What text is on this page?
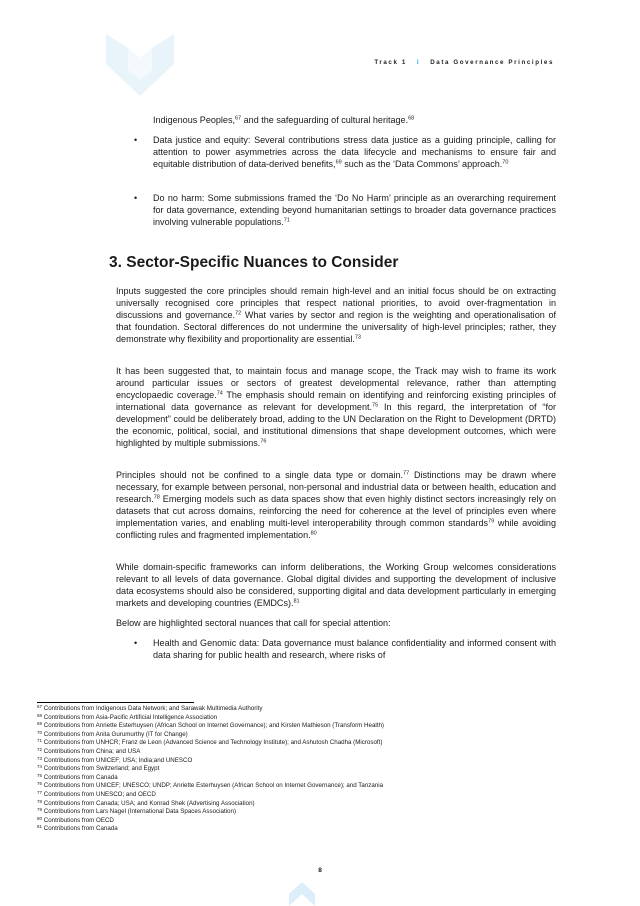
Track 1 I Data Governance Principles

Indigenous Peoples,$^{67}$ and the safeguarding of cultural heritage.$^{68}$

• Data justice and equity: Several contributions stress data justice as a guiding principle, calling for attention to power asymmetries across the data lifecycle and mechanisms to ensure fair and equitable distribution of data-derived benefits,$^{69}$ such as the ‘Data Commons’ approach.$^{70}$

• Do no harm: Some submissions framed the ‘Do No Harm’ principle as an overarching requirement for data governance, extending beyond humanitarian settings to broader data governance practices involving vulnerable populations.$^{71}$

3. Sector-Specific Nuances to Consider

Inputs suggested the core principles should remain high-level and an initial focus should be on extracting universally recognised core principles that respect national priorities, to avoid over-fragmentation in discussions and governance.$^{72}$ What varies by sector and region is the weighting and operationalisation of that foundation. Sectoral differences do not undermine the universality of high-level principles; rather, they demonstrate why flexibility and proportionality are essential.$^{73}$

It has been suggested that, to maintain focus and manage scope, the Track may wish to frame its work around particular issues or sectors of greatest developmental relevance, rather than attempting encyclopaedic coverage.$^{74}$ The emphasis should remain on identifying and reinforcing existing principles of international data governance as relevant for development.$^{75}$ In this regard, the interpretation of “for development” could be deliberately broad, adding to the UN Declaration on the Right to Development (DRTD) the economic, political, social, and institutional dimensions that shape development outcomes, which were highlighted by multiple submissions.$^{76}$

Principles should not be confined to a single data type or domain.$^{77}$ Distinctions may be drawn where necessary, for example between personal, non-personal and industrial data or between health, education and research.$^{78}$ Emerging models such as data spaces show that even highly distinct sectors increasingly rely on datasets that cut across domains, reinforcing the need for coherence at the level of principles even where implementation varies, and enabling multi-level interoperability through common standards$^{79}$ while avoiding conflicting rules and fragmented implementation.$^{80}$

While domain-specific frameworks can inform deliberations, the Working Group welcomes considerations relevant to all levels of data governance. Global digital divides and supporting the development of inclusive data ecosystems should also be considered, supporting digital and data development particularly in emerging markets and developing countries (EMDCs).$^{81}$

Below are highlighted sectoral nuances that call for special attention:

• Health and Genomic data: Data governance must balance confidentiality and informed consent with data sharing for public health and research, where risks of

$^{67}$ Contributions from Indigenous Data Network; and Sarawak Multimedia Authority
$^{68}$ Contributions from Asia-Pacific Artificial Intelligence Association
$^{69}$ Contributions from Anriette Esterhuysen (African School on Internet Governance); and Kirsten Mathieson (Transform Health)
$^{70}$ Contributions from Anita Gurumurthy (IT for Change)
$^{71}$ Contributions from UNHCR; Franz de Leon (Advanced Science and Technology Institute); and Ashutosh Chadha (Microsoft)
$^{72}$ Contributions from China; and USA
$^{73}$ Contributions from UNICEF; USA; India;and UNESCO
$^{74}$ Contributions from Switzerland; and Egypt
$^{75}$ Contributions from Canada
$^{76}$ Contributions from UNICEF; UNESCO; UNDP; Anriette Esterhuysen (African School on Internet Governance); and Tanzania
$^{77}$ Contributions from UNESCO; and OECD
$^{78}$ Contributions from Canada; USA; and Konrad Shek (Advertising Association)
$^{79}$ Contributions from Lars Nagel (International Data Spaces Association)
$^{80}$ Contributions from OECD
$^{81}$ Contributions from Canada
8
